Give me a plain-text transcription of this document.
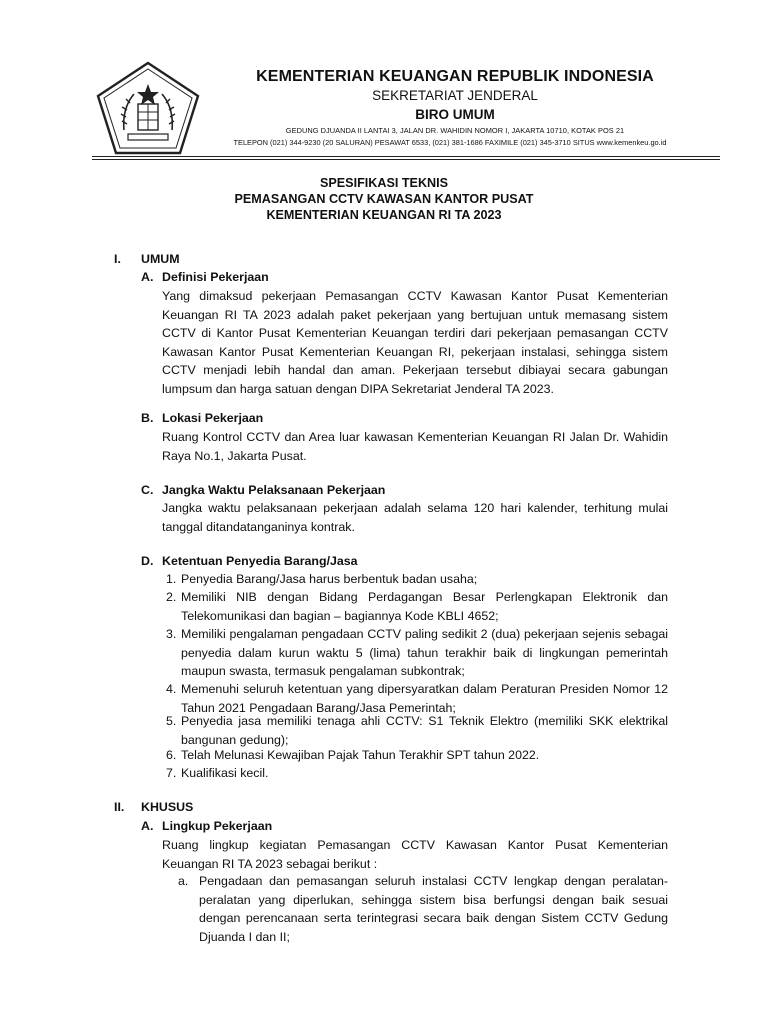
KEMENTERIAN KEUANGAN REPUBLIK INDONESIA
SEKRETARIAT JENDERAL
BIRO UMUM
GEDUNG DJUANDA II LANTAI 3, JALAN DR. WAHIDIN NOMOR I, JAKARTA 10710, KOTAK POS 21
TELEPON (021) 344-9230 (20 SALURAN) PESAWAT 6533, (021) 381-1686 FAXIMILE (021) 345-3710 SITUS www.kemenkeu.go.id
SPESIFIKASI TEKNIS
PEMASANGAN CCTV KAWASAN KANTOR PUSAT
KEMENTERIAN KEUANGAN RI TA 2023
I. UMUM
A. Definisi Pekerjaan
Yang dimaksud pekerjaan Pemasangan CCTV Kawasan Kantor Pusat Kementerian Keuangan RI TA 2023 adalah paket pekerjaan yang bertujuan untuk memasang sistem CCTV di Kantor Pusat Kementerian Keuangan terdiri dari pekerjaan pemasangan CCTV Kawasan Kantor Pusat Kementerian Keuangan RI, pekerjaan instalasi, sehingga sistem CCTV menjadi lebih handal dan aman. Pekerjaan tersebut dibiayai secara gabungan lumpsum dan harga satuan dengan DIPA Sekretariat Jenderal TA 2023.
B. Lokasi Pekerjaan
Ruang Kontrol CCTV dan Area luar kawasan Kementerian Keuangan RI Jalan Dr. Wahidin Raya No.1, Jakarta Pusat.
C. Jangka Waktu Pelaksanaan Pekerjaan
Jangka waktu pelaksanaan pekerjaan adalah selama 120 hari kalender, terhitung mulai tanggal ditandatanganinya kontrak.
D. Ketentuan Penyedia Barang/Jasa
1. Penyedia Barang/Jasa harus berbentuk badan usaha;
2. Memiliki NIB dengan Bidang Perdagangan Besar Perlengkapan Elektronik dan Telekomunikasi dan bagian – bagiannya Kode KBLI 4652;
3. Memiliki pengalaman pengadaan CCTV paling sedikit 2 (dua) pekerjaan sejenis sebagai penyedia dalam kurun waktu 5 (lima) tahun terakhir baik di lingkungan pemerintah maupun swasta, termasuk pengalaman subkontrak;
4. Memenuhi seluruh ketentuan yang dipersyaratkan dalam Peraturan Presiden Nomor 12 Tahun 2021 Pengadaan Barang/Jasa Pemerintah;
5. Penyedia jasa memiliki tenaga ahli CCTV: S1 Teknik Elektro (memiliki SKK elektrikal bangunan gedung);
6. Telah Melunasi Kewajiban Pajak Tahun Terakhir SPT tahun 2022.
7. Kualifikasi kecil.
II. KHUSUS
A. Lingkup Pekerjaan
Ruang lingkup kegiatan Pemasangan CCTV Kawasan Kantor Pusat Kementerian Keuangan RI TA 2023 sebagai berikut :
a. Pengadaan dan pemasangan seluruh instalasi CCTV lengkap dengan peralatan-peralatan yang diperlukan, sehingga sistem bisa berfungsi dengan baik sesuai dengan perencanaan serta terintegrasi secara baik dengan Sistem CCTV Gedung Djuanda I dan II;
